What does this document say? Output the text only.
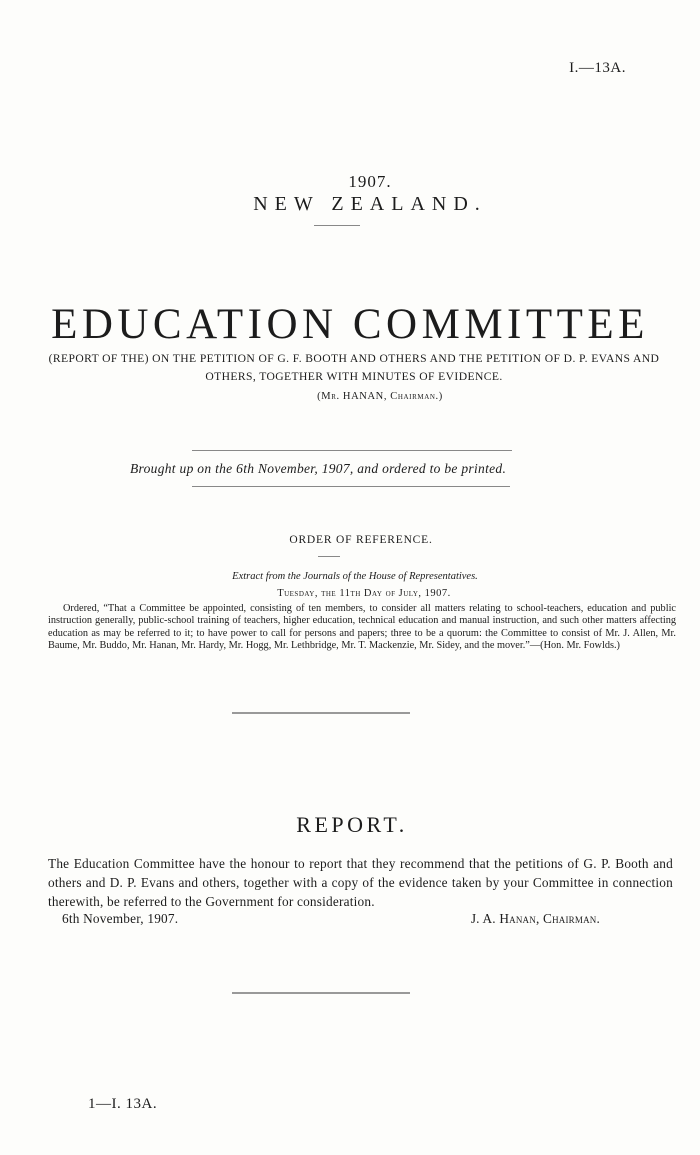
I.—13A.
1907.
NEW ZEALAND.
EDUCATION COMMITTEE
(REPORT OF THE) ON THE PETITION OF G. F. BOOTH AND OTHERS AND THE PETITION OF D. P. EVANS AND OTHERS, TOGETHER WITH MINUTES OF EVIDENCE.
(Mr. HANAN, Chairman.)
Brought up on the 6th November, 1907, and ordered to be printed.
ORDER OF REFERENCE.
Extract from the Journals of the House of Representatives.
Tuesday, the 11th Day of July, 1907.
Ordered, “That a Committee be appointed, consisting of ten members, to consider all matters relating to school-teachers, education and public instruction generally, public-school training of teachers, higher education, technical education and manual instruction, and such other matters affecting education as may be referred to it; to have power to call for persons and papers; three to be a quorum: the Committee to consist of Mr. J. Allen, Mr. Baume, Mr. Buddo, Mr. Hanan, Mr. Hardy, Mr. Hogg, Mr. Lethbridge, Mr. T. Mackenzie, Mr. Sidey, and the mover.”—(Hon. Mr. Fowlds.)
REPORT.
The Education Committee have the honour to report that they recommend that the petitions of G. P. Booth and others and D. P. Evans and others, together with a copy of the evidence taken by your Committee in connection therewith, be referred to the Government for consideration.
6th November, 1907.	J. A. Hanan, Chairman.
1—I. 13A.
